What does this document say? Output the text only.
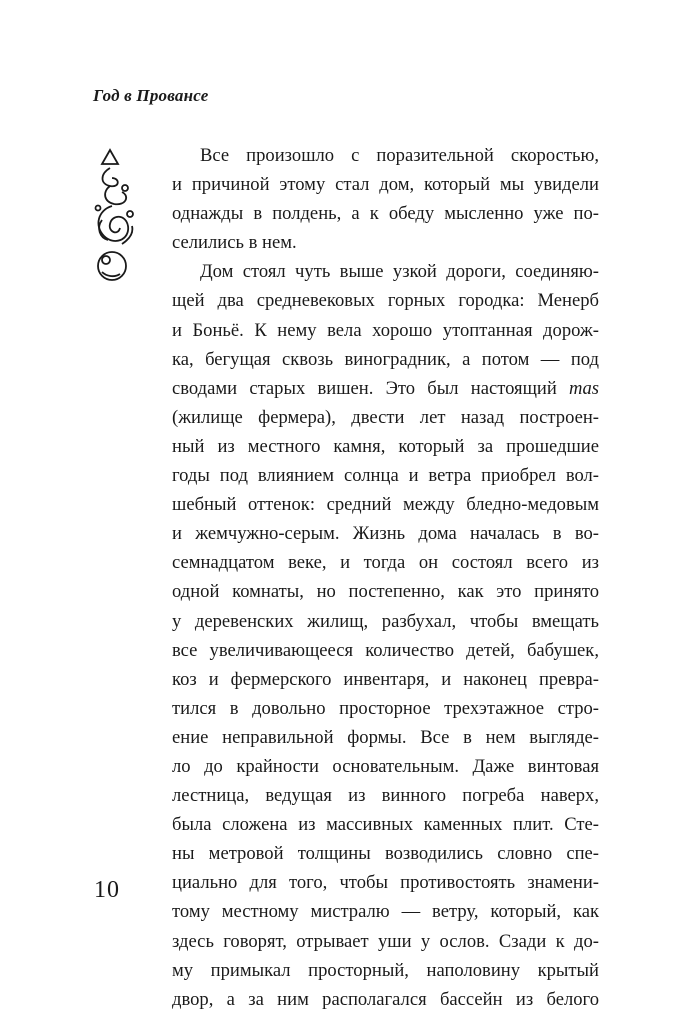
Год в Провансе
Все произошло с поразительной скоростью,
и причиной этому стал дом, который мы увидели
однажды в полдень, а к обеду мысленно уже по-
селились в нем.
Дом стоял чуть выше узкой дороги, соединяю-
щей два средневековых горных городка: Менерб
и Боньё. К нему вела хорошо утоптанная дорож-
ка, бегущая сквозь виноградник, а потом — под
сводами старых вишен. Это был настоящий mas
(жилище фермера), двести лет назад построен-
ный из местного камня, который за прошедшие
годы под влиянием солнца и ветра приобрел вол-
шебный оттенок: средний между бледно-медовым
и жемчужно-серым. Жизнь дома началась в во-
семнадцатом веке, и тогда он состоял всего из
одной комнаты, но постепенно, как это принято
у деревенских жилищ, разбухал, чтобы вмещать
все увеличивающееся количество детей, бабушек,
коз и фермерского инвентаря, и наконец превра-
тился в довольно просторное трехэтажное стро-
ение неправильной формы. Все в нем выгляде-
ло до крайности основательным. Даже винтовая
лестница, ведущая из винного погреба наверх,
была сложена из массивных каменных плит. Сте-
ны метровой толщины возводились словно спе-
циально для того, чтобы противостоять знамени-
тому местному мистралю — ветру, который, как
здесь говорят, отрывает уши у ослов. Сзади к до-
му примыкал просторный, наполовину крытый
двор, а за ним располагался бассейн из белого
10
